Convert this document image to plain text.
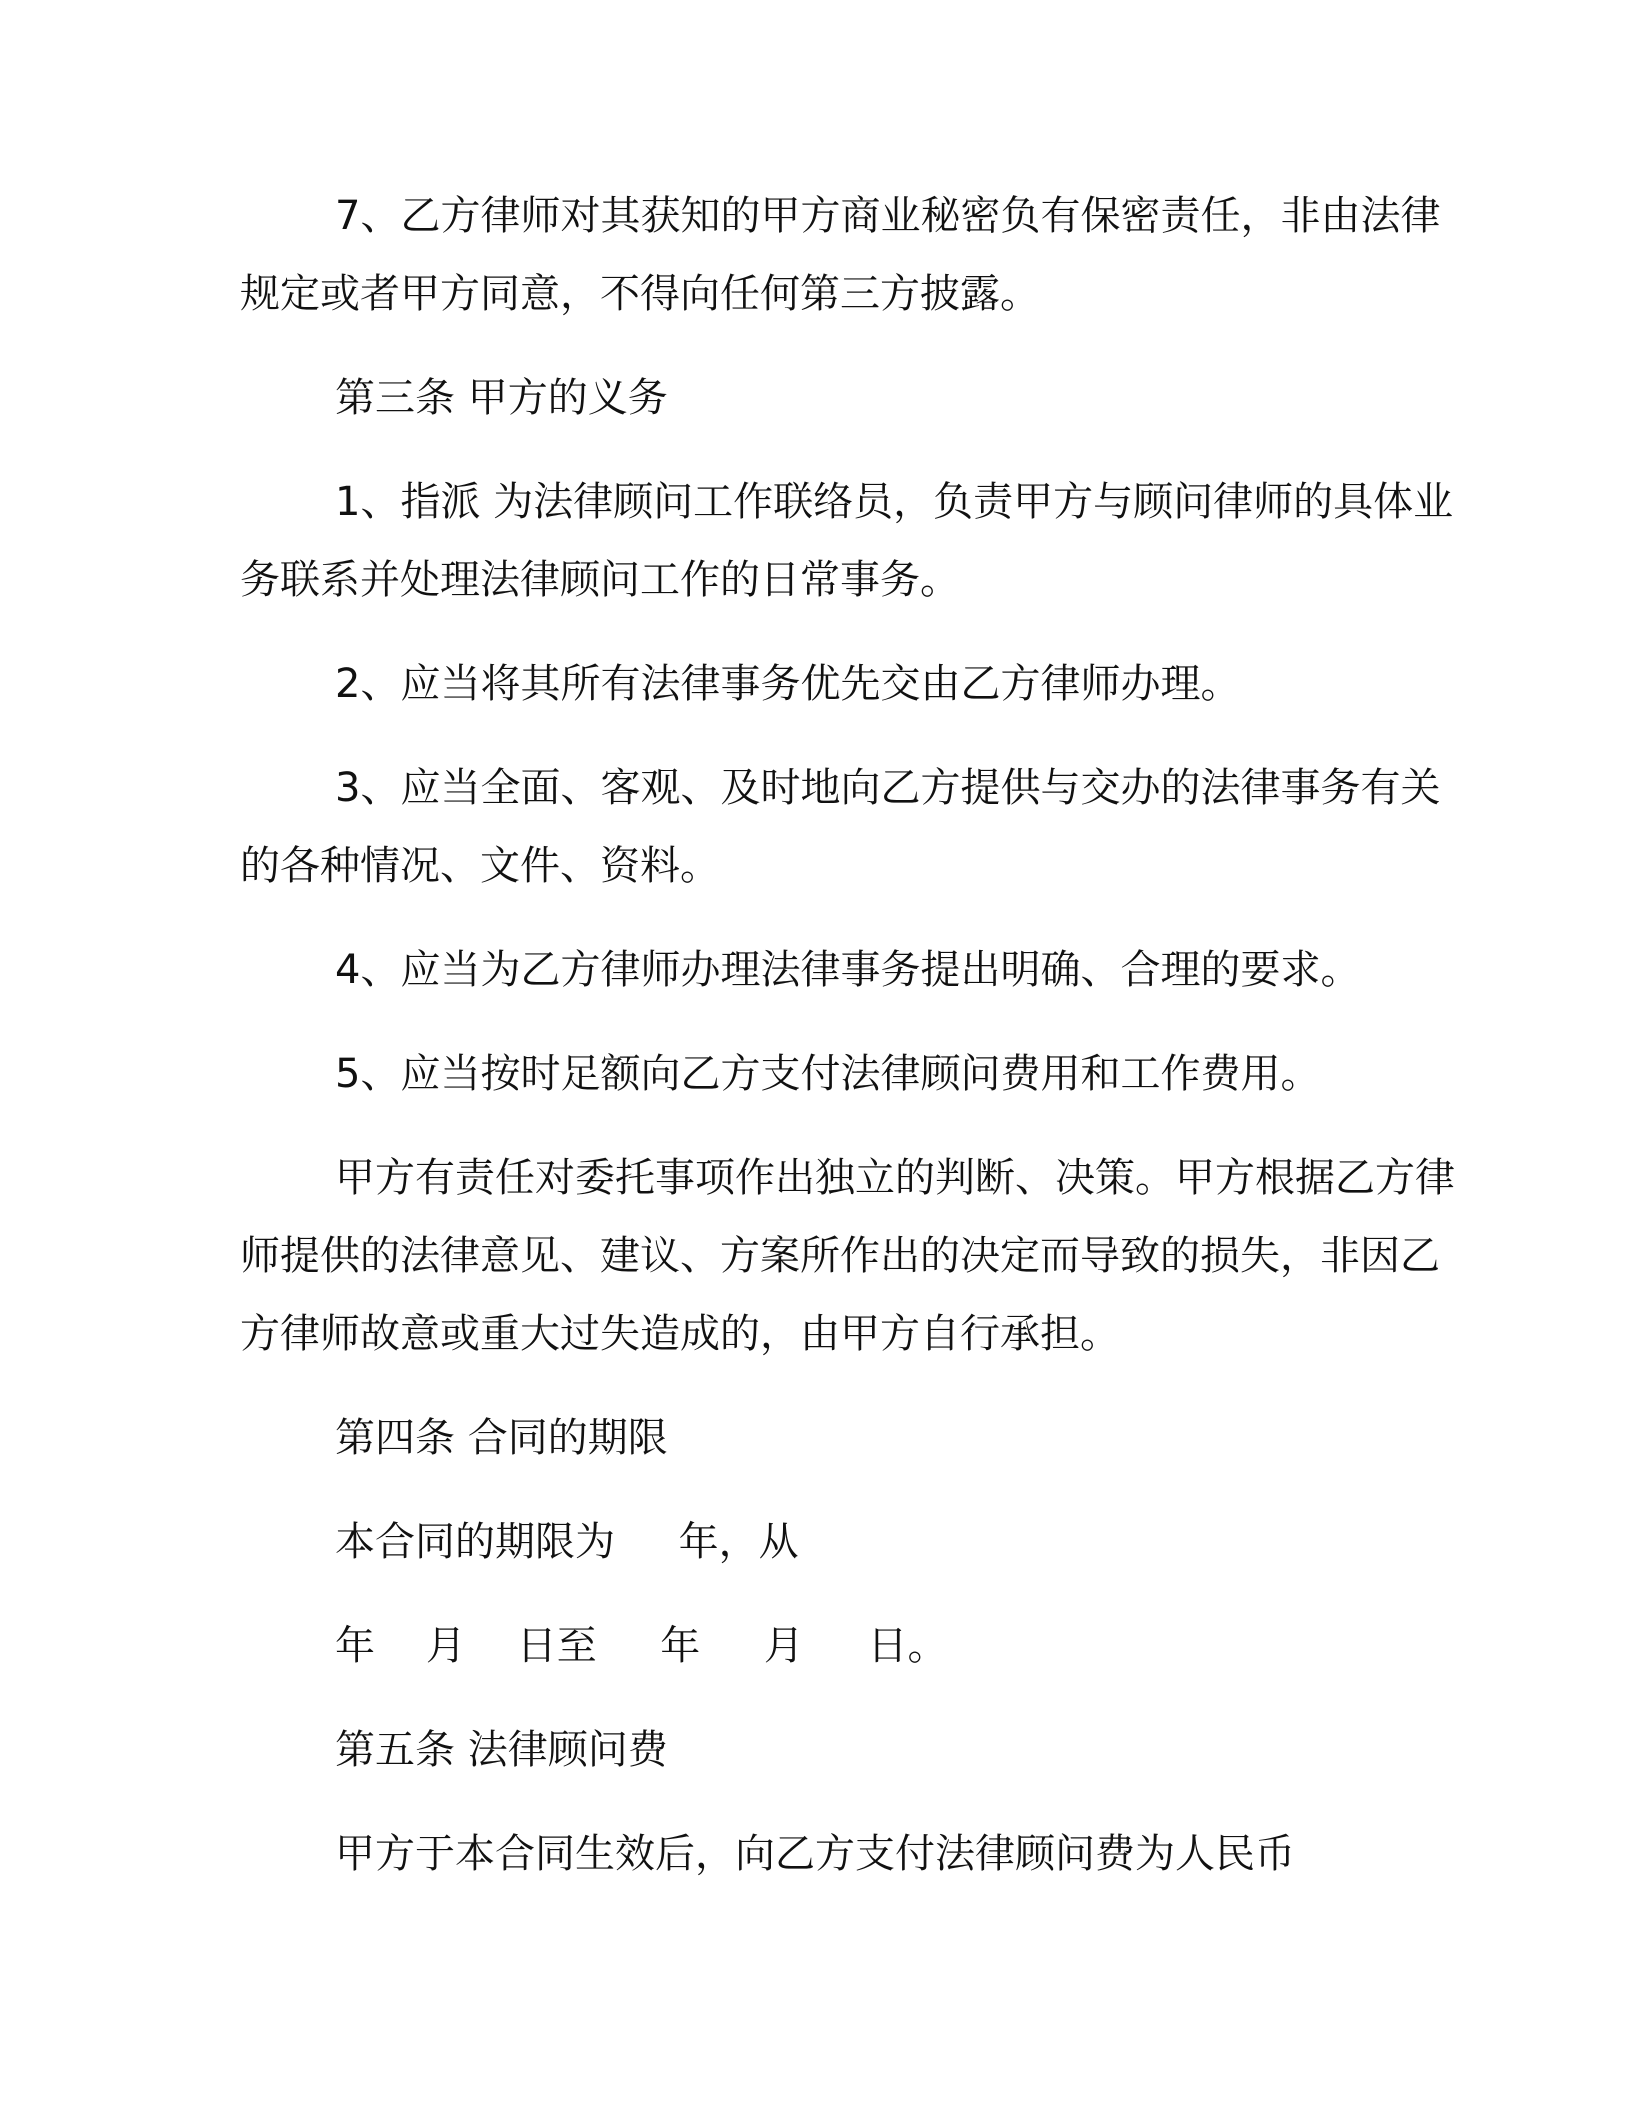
7、乙方律师对其获知的甲方商业秘密负有保密责任，非由法律
规定或者甲方同意，不得向任何第三方披露。
第三条 甲方的义务
1、指派 为法律顾问工作联络员，负责甲方与顾问律师的具体业
务联系并处理法律顾问工作的日常事务。
2、应当将其所有法律事务优先交由乙方律师办理。
3、应当全面、客观、及时地向乙方提供与交办的法律事务有关
的各种情况、文件、资料。
4、应当为乙方律师办理法律事务提出明确、合理的要求。
5、应当按时足额向乙方支付法律顾问费用和工作费用。
甲方有责任对委托事项作出独立的判断、决策。甲方根据乙方律
师提供的法律意见、建议、方案所作出的决定而导致的损失，非因乙
方律师故意或重大过失造成的，由甲方自行承担。
第四条 合同的期限
本合同的期限为     年，从
年    月    日至     年     月     日。
第五条 法律顾问费
甲方于本合同生效后，向乙方支付法律顾问费为人民币
